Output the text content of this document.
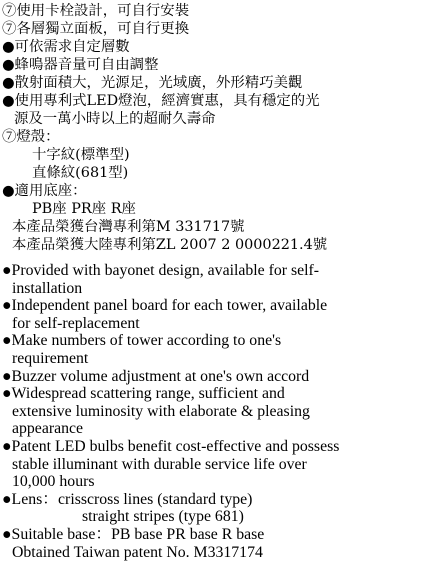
⑦使用卡栓設計，可自行安裝
⑦各層獨立面板，可自行更換
●可依需求自定層數
●蜂鳴器音量可自由調整
●散射面積大，光源足，光域廣，外形精巧美觀
●使用專利式LED燈泡，經濟實惠，具有穩定的光
源及一萬小時以上的超耐久壽命
⑦燈殼：
十字紋(標準型)
直條紋(681型)
●適用底座：
PB座 PR座 R座
本產品榮獲台灣專利第M 331717號
本產品榮獲大陸專利第ZL 2007 2 0000221.4號
●Provided with bayonet design, available for self-
installation
●Independent panel board for each tower, available
for self-replacement
●Make numbers of tower according to one's
requirement
●Buzzer volume adjustment at one's own accord
●Widespread scattering range, sufficient and
extensive luminosity with elaborate & pleasing
appearance
●Patent LED bulbs benefit cost-effective and possess
stable illuminant with durable service life over
10,000 hours
●Lens：crisscross lines (standard type)
straight stripes (type 681)
●Suitable base：PB base PR base R base
Obtained Taiwan patent No. M3317174
